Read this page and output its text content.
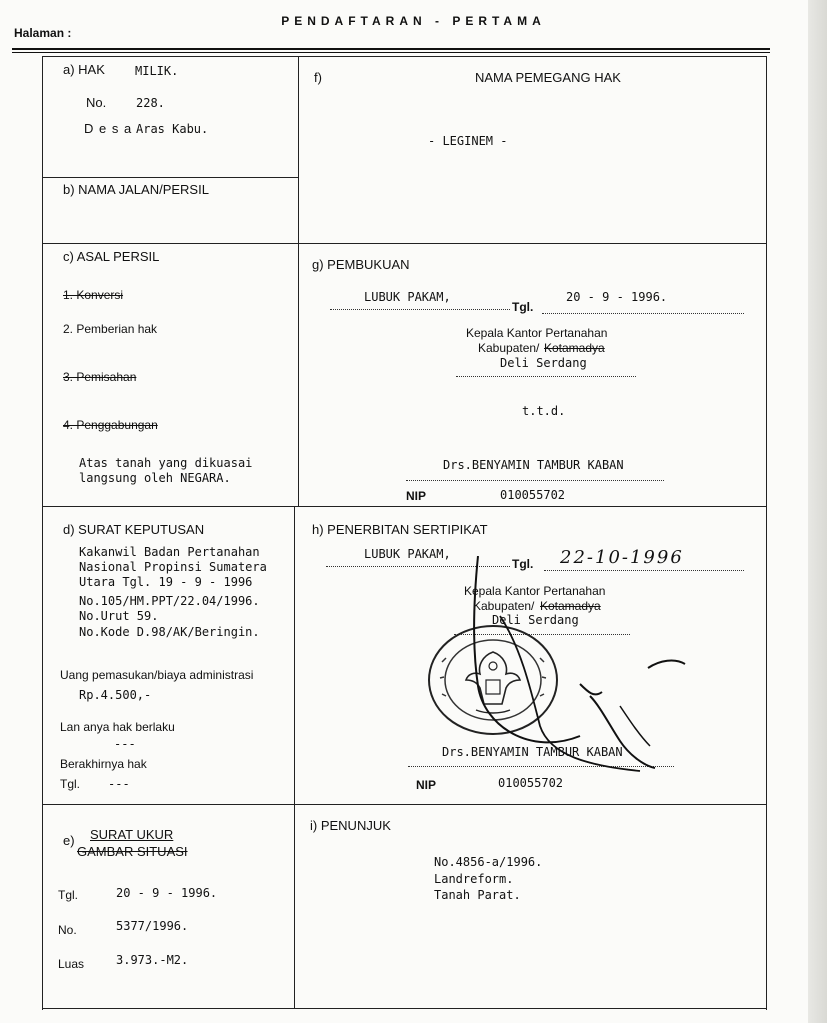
PENDAFTARAN - PERTAMA
Halaman :
a) HAK	MILIK.
No. 228.
D e s a Aras Kabu.
b) NAMA JALAN/PERSIL
c) ASAL PERSIL
1. Konversi
2. Pemberian hak
3. Pemisahan
4. Penggabungan
Atas tanah yang dikuasai
langsung oleh NEGARA.
d) SURAT KEPUTUSAN
Kakanwil Badan Pertanahan
Nasional Propinsi Sumatera
Utara Tgl. 19 - 9 - 1996
No.105/HM.PPT/22.04/1996.
No.Urut 59.
No.Kode D.98/AK/Beringin.
Uang pemasukan/biaya administrasi
Rp.4.500,-
Lan anya hak berlaku
---
Berakhirnya hak
Tgl. ---
e) SURAT UKUR
GAMBAR SITUASI
Tgl.	20 - 9 - 1996.
No.	5377/1996.
Luas	3.973.-M2.
f)	NAMA PEMEGANG HAK
- LEGINEM -
g) PEMBUKUAN
LUBUK PAKAM,
Tgl.
20 - 9 - 1996.
Kepala Kantor Pertanahan
Kabupaten/ Kotamadya
Deli Serdang
t.t.d.
Drs.BENYAMIN TAMBUR KABAN
NIP	010055702
h) PENERBITAN SERTIPIKAT
LUBUK PAKAM,
Tgl. 22-10-1996
Kepala Kantor Pertanahan
Kabupaten/ Kotamadya
Deli Serdang
Drs.BENYAMIN TAMBUR KABAN
NIP	010055702
i) PENUNJUK
No.4856-a/1996.
Landreform.
Tanah Parat.
